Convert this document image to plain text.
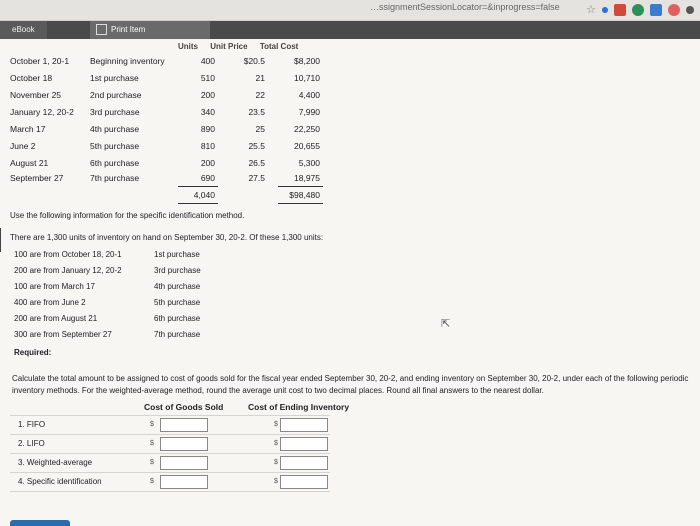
…ssignmentSessionLocator=&inprogress=false ☆
eBook	Print Item
Units Unit Price Total Cost
October 1, 20-1	Beginning inventory	400	$20.5	$8,200
October 18	1st purchase	510	21	10,710
November 25	2nd purchase	200	22	4,400
January 12, 20-2	3rd purchase	340	23.5	7,990
March 17	4th purchase	890	25	22,250
June 2	5th purchase	810	25.5	20,655
August 21	6th purchase	200	26.5	5,300
September 27	7th purchase	690	27.5	18,975
4,040	$98,480
Use the following information for the specific identification method.
There are 1,300 units of inventory on hand on September 30, 20-2. Of these 1,300 units:
100 are from October 18, 20-1	1st purchase
200 are from January 12, 20-2	3rd purchase
100 are from March 17	4th purchase
400 are from June 2	5th purchase
200 are from August 21	6th purchase
300 are from September 27	7th purchase
Required:
Calculate the total amount to be assigned to cost of goods sold for the fiscal year ended September 30, 20-2, and ending inventory on September 30, 20-2, under each of the following periodic inventory methods. For the weighted-average method, round the average unit cost to two decimal places. Round all final answers to the nearest dollar.
Cost of Goods Sold	Cost of Ending Inventory
1. FIFO	$	$
2. LIFO	$	$
3. Weighted-average	$	$
4. Specific identification	$	$
⇱
